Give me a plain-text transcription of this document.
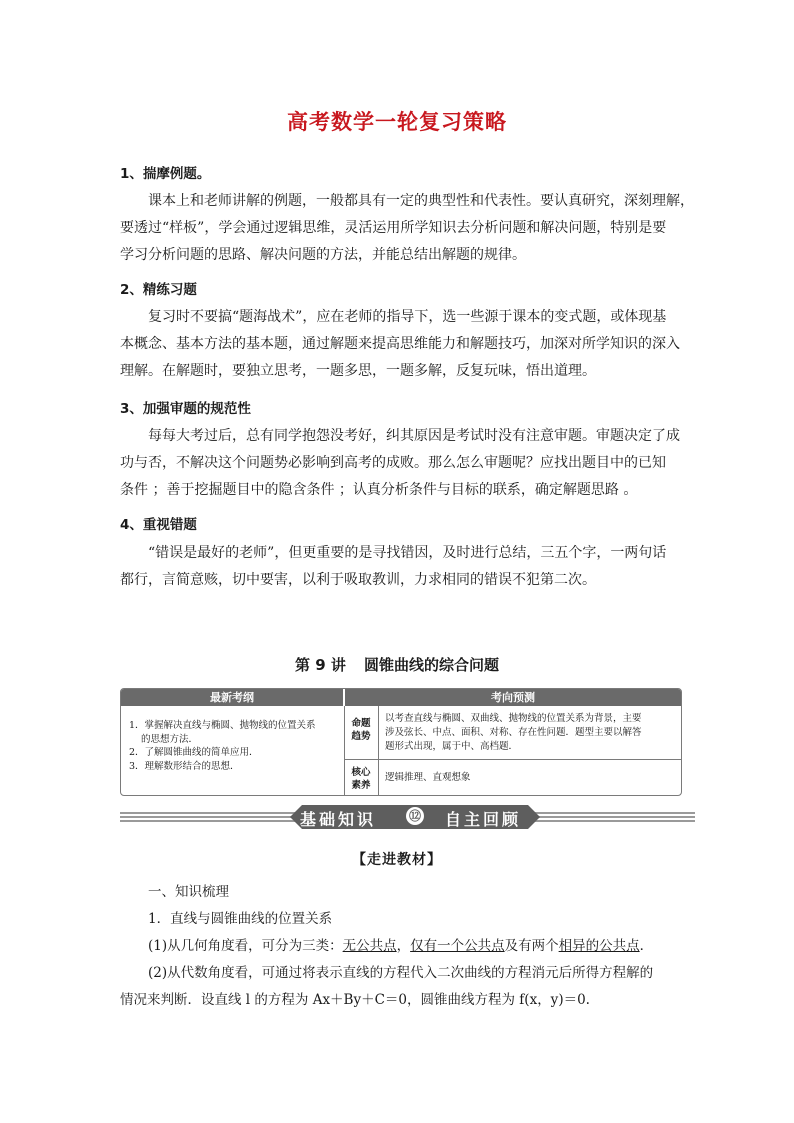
高考数学一轮复习策略
1、揣摩例题。
课本上和老师讲解的例题，一般都具有一定的典型性和代表性。要认真研究，深刻理解，
要透过“样板”，学会通过逻辑思维，灵活运用所学知识去分析问题和解决问题，特别是要
学习分析问题的思路、解决问题的方法，并能总结出解题的规律。
2、精练习题
复习时不要搞“题海战术”，应在老师的指导下，选一些源于课本的变式题，或体现基
本概念、基本方法的基本题，通过解题来提高思维能力和解题技巧，加深对所学知识的深入
理解。在解题时，要独立思考，一题多思，一题多解，反复玩味，悟出道理。
3、加强审题的规范性
每每大考过后，总有同学抱怨没考好，纠其原因是考试时没有注意审题。审题决定了成
功与否，不解决这个问题势必影响到高考的成败。那么怎么审题呢？应找出题目中的已知
条件 ；善于挖掘题目中的隐含条件 ；认真分析条件与目标的联系，确定解题思路 。
4、重视错题
“错误是最好的老师”，但更重要的是寻找错因，及时进行总结，三五个字，一两句话
都行，言简意赅，切中要害，以利于吸取教训，力求相同的错误不犯第二次。
第 9 讲 圆锥曲线的综合问题
最新考纲	考向预测
1．掌握解决直线与椭圆、抛物线的位置关系
的思想方法．
2．了解圆锥曲线的简单应用．
3．理解数形结合的思想．
命题
趋势
核心
素养
以考查直线与椭圆、双曲线、抛物线的位置关系为背景，主要
涉及弦长、中点、面积、对称、存在性问题．题型主要以解答
题形式出现，属于中、高档题．
逻辑推理、直观想象
基础知识	⑫ 自主回顾
【走进教材】
一、知识梳理
1．直线与圆锥曲线的位置关系
(1)从几何角度看，可分为三类：无公共点，仅有一个公共点及有两个相异的公共点．
(2)从代数角度看，可通过将表示直线的方程代入二次曲线的方程消元后所得方程解的
情况来判断．设直线 l 的方程为 Ax＋By＋C＝0，圆锥曲线方程为 f(x，y)＝0.
